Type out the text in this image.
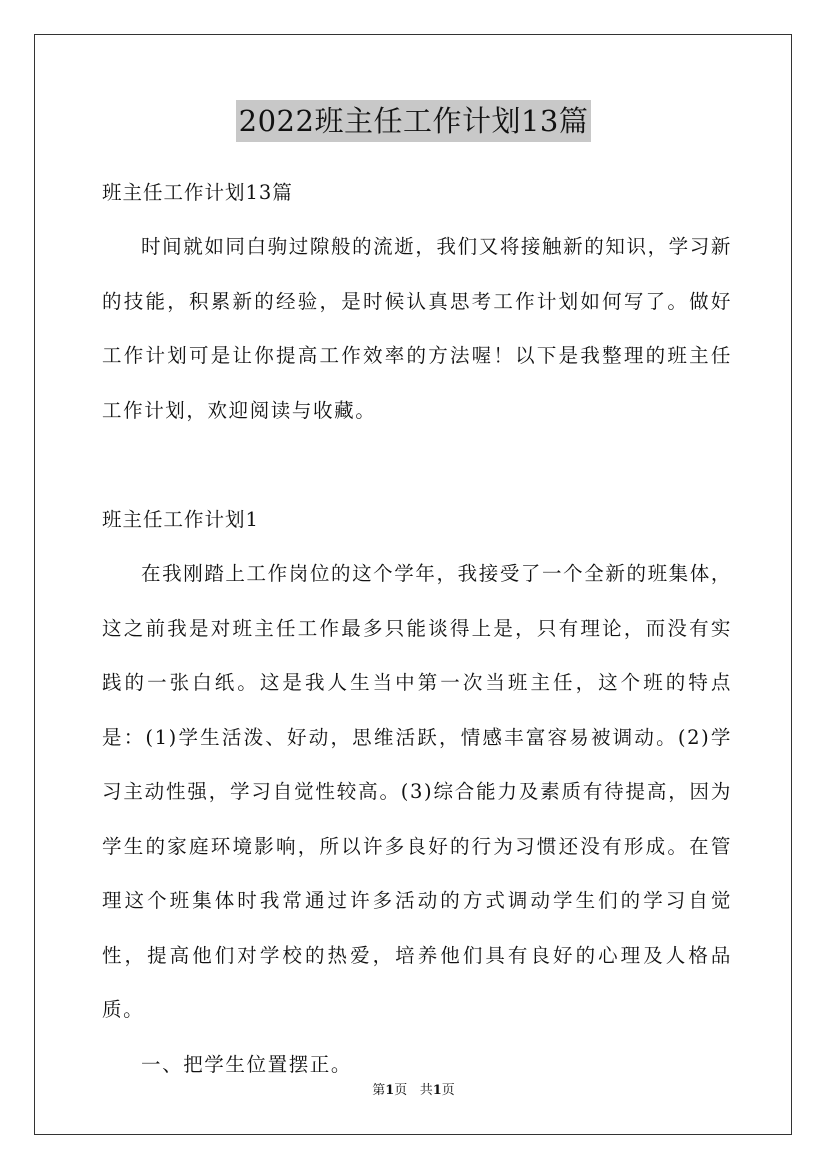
2022班主任工作计划13篇

班主任工作计划13篇

时间就如同白驹过隙般的流逝，我们又将接触新的知识，学习新的技能，积累新的经验，是时候认真思考工作计划如何写了。做好工作计划可是让你提高工作效率的方法喔！以下是我整理的班主任工作计划，欢迎阅读与收藏。

班主任工作计划1

在我刚踏上工作岗位的这个学年，我接受了一个全新的班集体，这之前我是对班主任工作最多只能谈得上是，只有理论，而没有实践的一张白纸。这是我人生当中第一次当班主任，这个班的特点是：(1)学生活泼、好动，思维活跃，情感丰富容易被调动。(2)学习主动性强，学习自觉性较高。(3)综合能力及素质有待提高，因为学生的家庭环境影响，所以许多良好的行为习惯还没有形成。在管理这个班集体时我常通过许多活动的方式调动学生们的学习自觉性，提高他们对学校的热爱，培养他们具有良好的心理及人格品质。

一、把学生位置摆正。

第1页 共1页
